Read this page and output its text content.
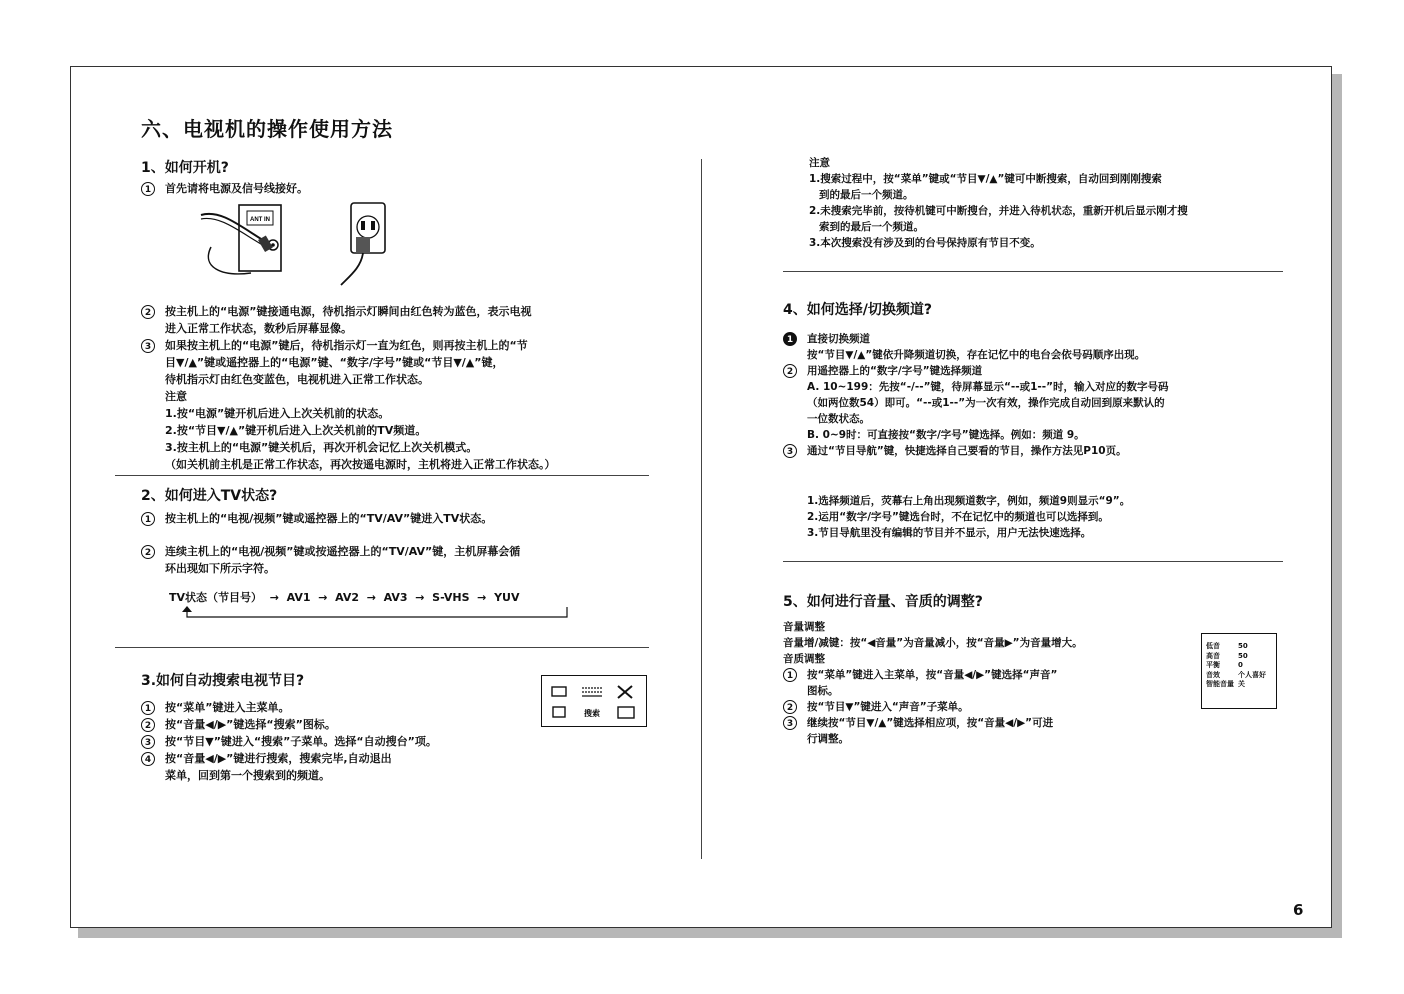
六、电视机的操作使用方法
1、如何开机?
1 首先请将电源及信号线接好。
ANT IN
2 按主机上的“电源”键接通电源，待机指示灯瞬间由红色转为蓝色，表示电视
进入正常工作状态，数秒后屏幕显像。
3 如果按主机上的“电源”键后，待机指示灯一直为红色，则再按主机上的“节
目▼/▲”键或遥控器上的“电源”键、“数字/字号”键或“节目▼/▲”键，
待机指示灯由红色变蓝色，电视机进入正常工作状态。
注意
1.按“电源”键开机后进入上次关机前的状态。
2.按“节目▼/▲”键开机后进入上次关机前的TV频道。
3.按主机上的“电源”键关机后，再次开机会记忆上次关机模式。
（如关机前主机是正常工作状态，再次按遥电源时，主机将进入正常工作状态。）
2、如何进入TV状态?
1 按主机上的“电视/视频”键或遥控器上的“TV/AV”键进入TV状态。
2 连续主机上的“电视/视频”键或按遥控器上的“TV/AV”键，主机屏幕会循
环出现如下所示字符。
TV状态（节目号）  →  AV1  →  AV2  →  AV3  →  S-VHS  →  YUV
3.如何自动搜索电视节目?
1 按“菜单”键进入主菜单。
2 按“音量◀/▶”键选择“搜索”图标。
3 按“节目▼”键进入“搜索”子菜单。选择“自动搜台”项。
4 按“音量◀/▶”键进行搜索，搜索完毕,自动退出
菜单，回到第一个搜索到的频道。
搜索
注意
1.搜索过程中，按“菜单”键或“节目▼/▲”键可中断搜索，自动回到刚刚搜索
到的最后一个频道。
2.未搜索完毕前，按待机键可中断搜台，并进入待机状态，重新开机后显示刚才搜
索到的最后一个频道。
3.本次搜索没有涉及到的台号保持原有节目不变。
4、如何选择/切换频道?
1 直接切换频道
按“节目▼/▲”键依升降频道切换，存在记忆中的电台会依号码顺序出现。
2 用遥控器上的“数字/字号”键选择频道
A. 10~199：先按“-/--”键，待屏幕显示“--或1--”时，输入对应的数字号码
（如两位数54）即可。“--或1--”为一次有效，操作完成自动回到原来默认的
一位数状态。
B. 0~9时：可直接按“数字/字号”键选择。例如：频道 9。
3 通过“节目导航”键，快捷选择自己要看的节目，操作方法见P10页。
1.选择频道后，荧幕右上角出现频道数字，例如，频道9则显示“9”。
2.运用“数字/字号”键选台时，不在记忆中的频道也可以选择到。
3.节目导航里没有编辑的节目并不显示，用户无法快速选择。
5、如何进行音量、音质的调整?
音量调整
音量增/减键：按“◀音量”为音量减小，按“音量▶”为音量增大。
音质调整
1 按“菜单”键进入主菜单，按“音量◀/▶”键选择“声音”
图标。
2 按“节目▼”键进入“声音”子菜单。
3 继续按“节目▼/▲”键选择相应项，按“音量◀/▶”可进
行调整。
低音	50
高音	50
平衡	0
音效	个人喜好
智能音量 关
6
